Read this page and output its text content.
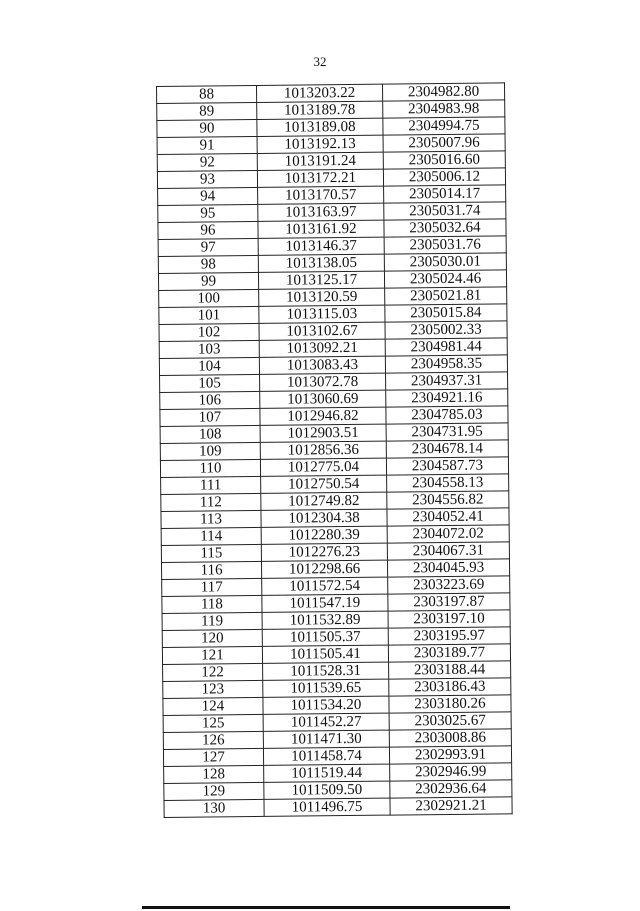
32
88	1013203.22	2304982.80
89	1013189.78	2304983.98
90	1013189.08	2304994.75
91	1013192.13	2305007.96
92	1013191.24	2305016.60
93	1013172.21	2305006.12
94	1013170.57	2305014.17
95	1013163.97	2305031.74
96	1013161.92	2305032.64
97	1013146.37	2305031.76
98	1013138.05	2305030.01
99	1013125.17	2305024.46
100	1013120.59	2305021.81
101	1013115.03	2305015.84
102	1013102.67	2305002.33
103	1013092.21	2304981.44
104	1013083.43	2304958.35
105	1013072.78	2304937.31
106	1013060.69	2304921.16
107	1012946.82	2304785.03
108	1012903.51	2304731.95
109	1012856.36	2304678.14
110	1012775.04	2304587.73
111	1012750.54	2304558.13
112	1012749.82	2304556.82
113	1012304.38	2304052.41
114	1012280.39	2304072.02
115	1012276.23	2304067.31
116	1012298.66	2304045.93
117	1011572.54	2303223.69
118	1011547.19	2303197.87
119	1011532.89	2303197.10
120	1011505.37	2303195.97
121	1011505.41	2303189.77
122	1011528.31	2303188.44
123	1011539.65	2303186.43
124	1011534.20	2303180.26
125	1011452.27	2303025.67
126	1011471.30	2303008.86
127	1011458.74	2302993.91
128	1011519.44	2302946.99
129	1011509.50	2302936.64
130	1011496.75	2302921.21
